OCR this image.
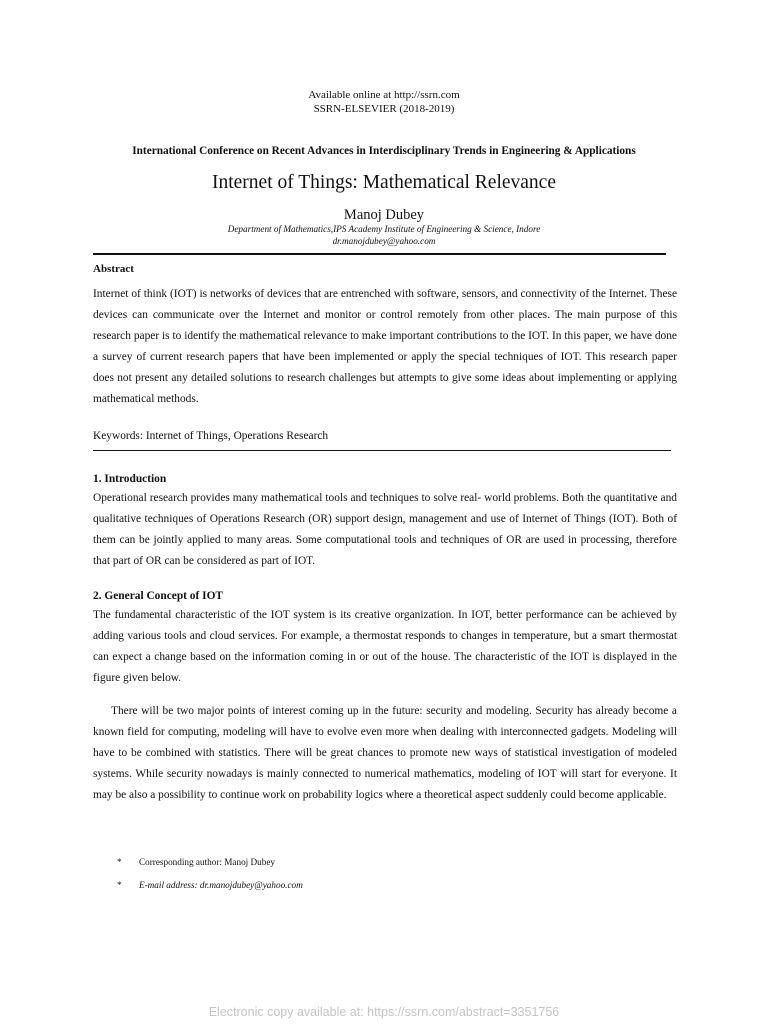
Available online at http://ssrn.com
SSRN-ELSEVIER (2018-2019)
International Conference on Recent Advances in Interdisciplinary Trends in Engineering & Applications
Internet of Things: Mathematical Relevance
Manoj Dubey
Department of Mathematics,IPS Academy Institute of Engineering & Science, Indore
dr.manojdubey@yahoo.com
Abstract

Internet of think (IOT) is networks of devices that are entrenched with software, sensors, and connectivity of the Internet. These devices can communicate over the Internet and monitor or control remotely from other places. The main purpose of this research paper is to identify the mathematical relevance to make important contributions to the IOT. In this paper, we have done a survey of current research papers that have been implemented or apply the special techniques of IOT. This research paper does not present any detailed solutions to research challenges but attempts to give some ideas about implementing or applying mathematical methods.

Keywords: Internet of Things, Operations Research
1. Introduction

Operational research provides many mathematical tools and techniques to solve real- world problems. Both the quantitative and qualitative techniques of Operations Research (OR) support design, management and use of Internet of Things (IOT). Both of them can be jointly applied to many areas. Some computational tools and techniques of OR are used in processing, therefore that part of OR can be considered as part of IOT.

2. General Concept of IOT

The fundamental characteristic of the IOT system is its creative organization. In IOT, better performance can be achieved by adding various tools and cloud services. For example, a thermostat responds to changes in temperature, but a smart thermostat can expect a change based on the information coming in or out of the house. The characteristic of the IOT is displayed in the figure given below.

There will be two major points of interest coming up in the future: security and modeling. Security has already become a known field for computing, modeling will have to evolve even more when dealing with interconnected gadgets. Modeling will have to be combined with statistics. There will be great chances to promote new ways of statistical investigation of modeled systems. While security nowadays is mainly connected to numerical mathematics, modeling of IOT will start for everyone. It may be also a possibility to continue work on probability logics where a theoretical aspect suddenly could become applicable.

* Corresponding author: Manoj Dubey
* E-mail address: dr.manojdubey@yahoo.com
Electronic copy available at: https://ssrn.com/abstract=3351756
